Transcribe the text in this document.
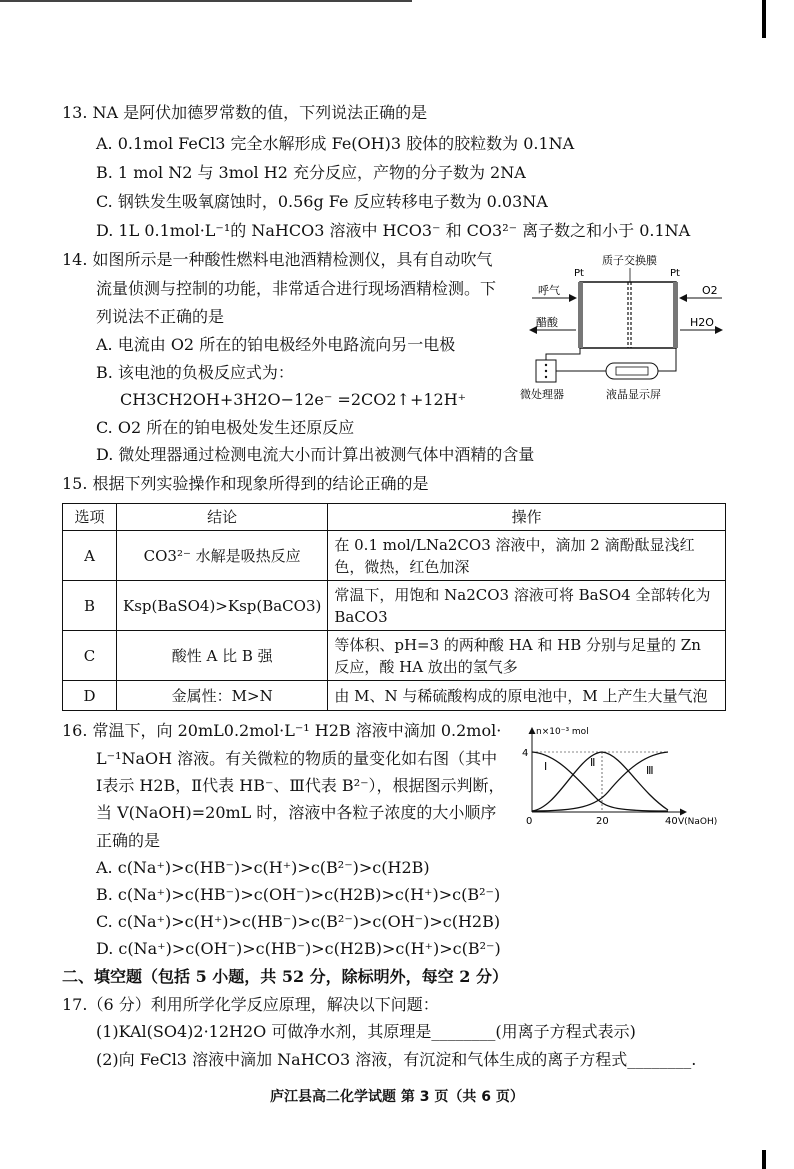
13. NA 是阿伏加德罗常数的值，下列说法正确的是
A. 0.1mol FeCl3 完全水解形成 Fe(OH)3 胶体的胶粒数为 0.1NA
B. 1 mol N2 与 3mol H2 充分反应，产物的分子数为 2NA
C. 钢铁发生吸氧腐蚀时，0.56g Fe 反应转移电子数为 0.03NA
D. 1L 0.1mol·L⁻¹的 NaHCO3 溶液中 HCO3⁻ 和 CO3²⁻ 离子数之和小于 0.1NA
14. 如图所示是一种酸性燃料电池酒精检测仪，具有自动吹气
流量侦测与控制的功能，非常适合进行现场酒精检测。下
列说法不正确的是
A. 电流由 O2 所在的铂电极经外电路流向另一电极
B. 该电池的负极反应式为：
CH3CH2OH+3H2O−12e⁻ =2CO2↑+12H⁺
C. O2 所在的铂电极处发生还原反应
D. 微处理器通过检测电流大小而计算出被测气体中酒精的含量
质子交换膜
Pt	Pt
呼气
醋酸
O2
H2O
微处理器	液晶显示屏
15. 根据下列实验操作和现象所得到的结论正确的是
选项	结论	操作
A	CO3²⁻ 水解是吸热反应	在 0.1 mol/LNa2CO3 溶液中，滴加 2 滴酚酞显浅红色，微热，红色加深
B	Ksp(BaSO4)>Ksp(BaCO3)	常温下，用饱和 Na2CO3 溶液可将 BaSO4 全部转化为 BaCO3
C	酸性 A 比 B 强	等体积、pH=3 的两种酸 HA 和 HB 分别与足量的 Zn 反应，酸 HA 放出的氢气多
D	金属性：M>N	由 M、N 与稀硫酸构成的原电池中，M 上产生大量气泡
16. 常温下，向 20mL0.2mol·L⁻¹ H2B 溶液中滴加 0.2mol·
L⁻¹NaOH 溶液。有关微粒的物质的量变化如右图（其中
Ⅰ表示 H2B，Ⅱ代表 HB⁻、Ⅲ代表 B²⁻），根据图示判断，
当 V(NaOH)=20mL 时，溶液中各粒子浓度的大小顺序
正确的是
A. c(Na⁺)>c(HB⁻)>c(H⁺)>c(B²⁻)>c(H2B)
B. c(Na⁺)>c(HB⁻)>c(OH⁻)>c(H2B)>c(H⁺)>c(B²⁻)
C. c(Na⁺)>c(H⁺)>c(HB⁻)>c(B²⁻)>c(OH⁻)>c(H2B)
D. c(Na⁺)>c(OH⁻)>c(HB⁻)>c(H2B)>c(H⁺)>c(B²⁻)
n×10⁻³ mol
4
0	20	40 V(NaOH)
Ⅰ	Ⅱ
Ⅲ
二、填空题（包括 5 小题，共 52 分，除标明外，每空 2 分）
17.（6 分）利用所学化学反应原理，解决以下问题：
(1)KAl(SO4)2·12H2O 可做净水剂，其原理是________(用离子方程式表示)
(2)向 FeCl3 溶液中滴加 NaHCO3 溶液，有沉淀和气体生成的离子方程式________.
庐江县高二化学试题 第 3 页（共 6 页）
